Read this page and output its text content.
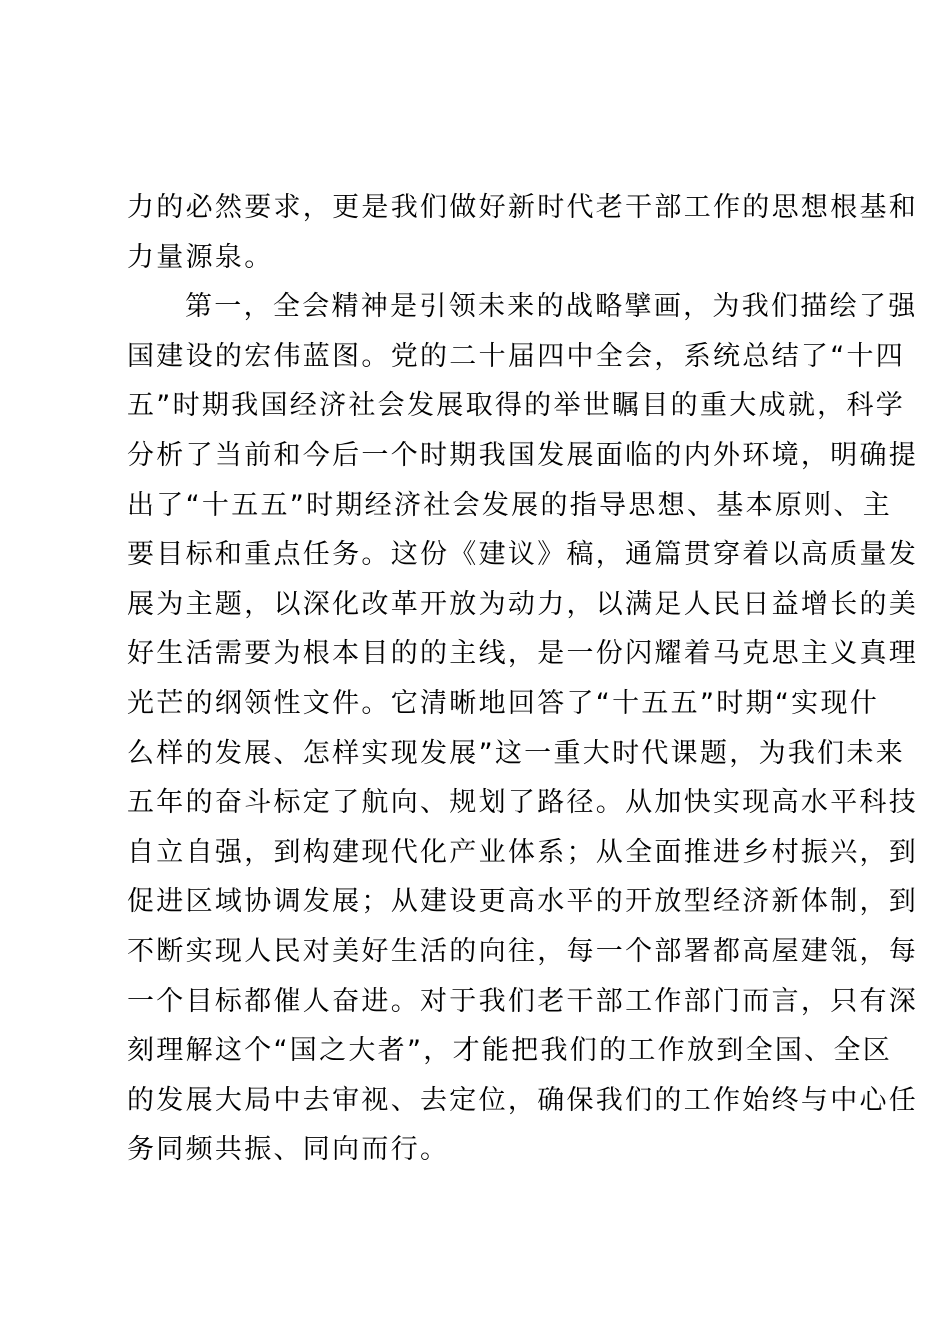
力的必然要求，更是我们做好新时代老干部工作的思想根基和
力量源泉。
第一，全会精神是引领未来的战略擘画，为我们描绘了强
国建设的宏伟蓝图。党的二十届四中全会，系统总结了“十四
五”时期我国经济社会发展取得的举世瞩目的重大成就，科学
分析了当前和今后一个时期我国发展面临的内外环境，明确提
出了“十五五”时期经济社会发展的指导思想、基本原则、主
要目标和重点任务。这份《建议》稿，通篇贯穿着以高质量发
展为主题，以深化改革开放为动力，以满足人民日益增长的美
好生活需要为根本目的的主线，是一份闪耀着马克思主义真理
光芒的纲领性文件。它清晰地回答了“十五五”时期“实现什
么样的发展、怎样实现发展”这一重大时代课题，为我们未来
五年的奋斗标定了航向、规划了路径。从加快实现高水平科技
自立自强，到构建现代化产业体系；从全面推进乡村振兴，到
促进区域协调发展；从建设更高水平的开放型经济新体制，到
不断实现人民对美好生活的向往，每一个部署都高屋建瓴，每
一个目标都催人奋进。对于我们老干部工作部门而言，只有深
刻理解这个“国之大者”，才能把我们的工作放到全国、全区
的发展大局中去审视、去定位，确保我们的工作始终与中心任
务同频共振、同向而行。
